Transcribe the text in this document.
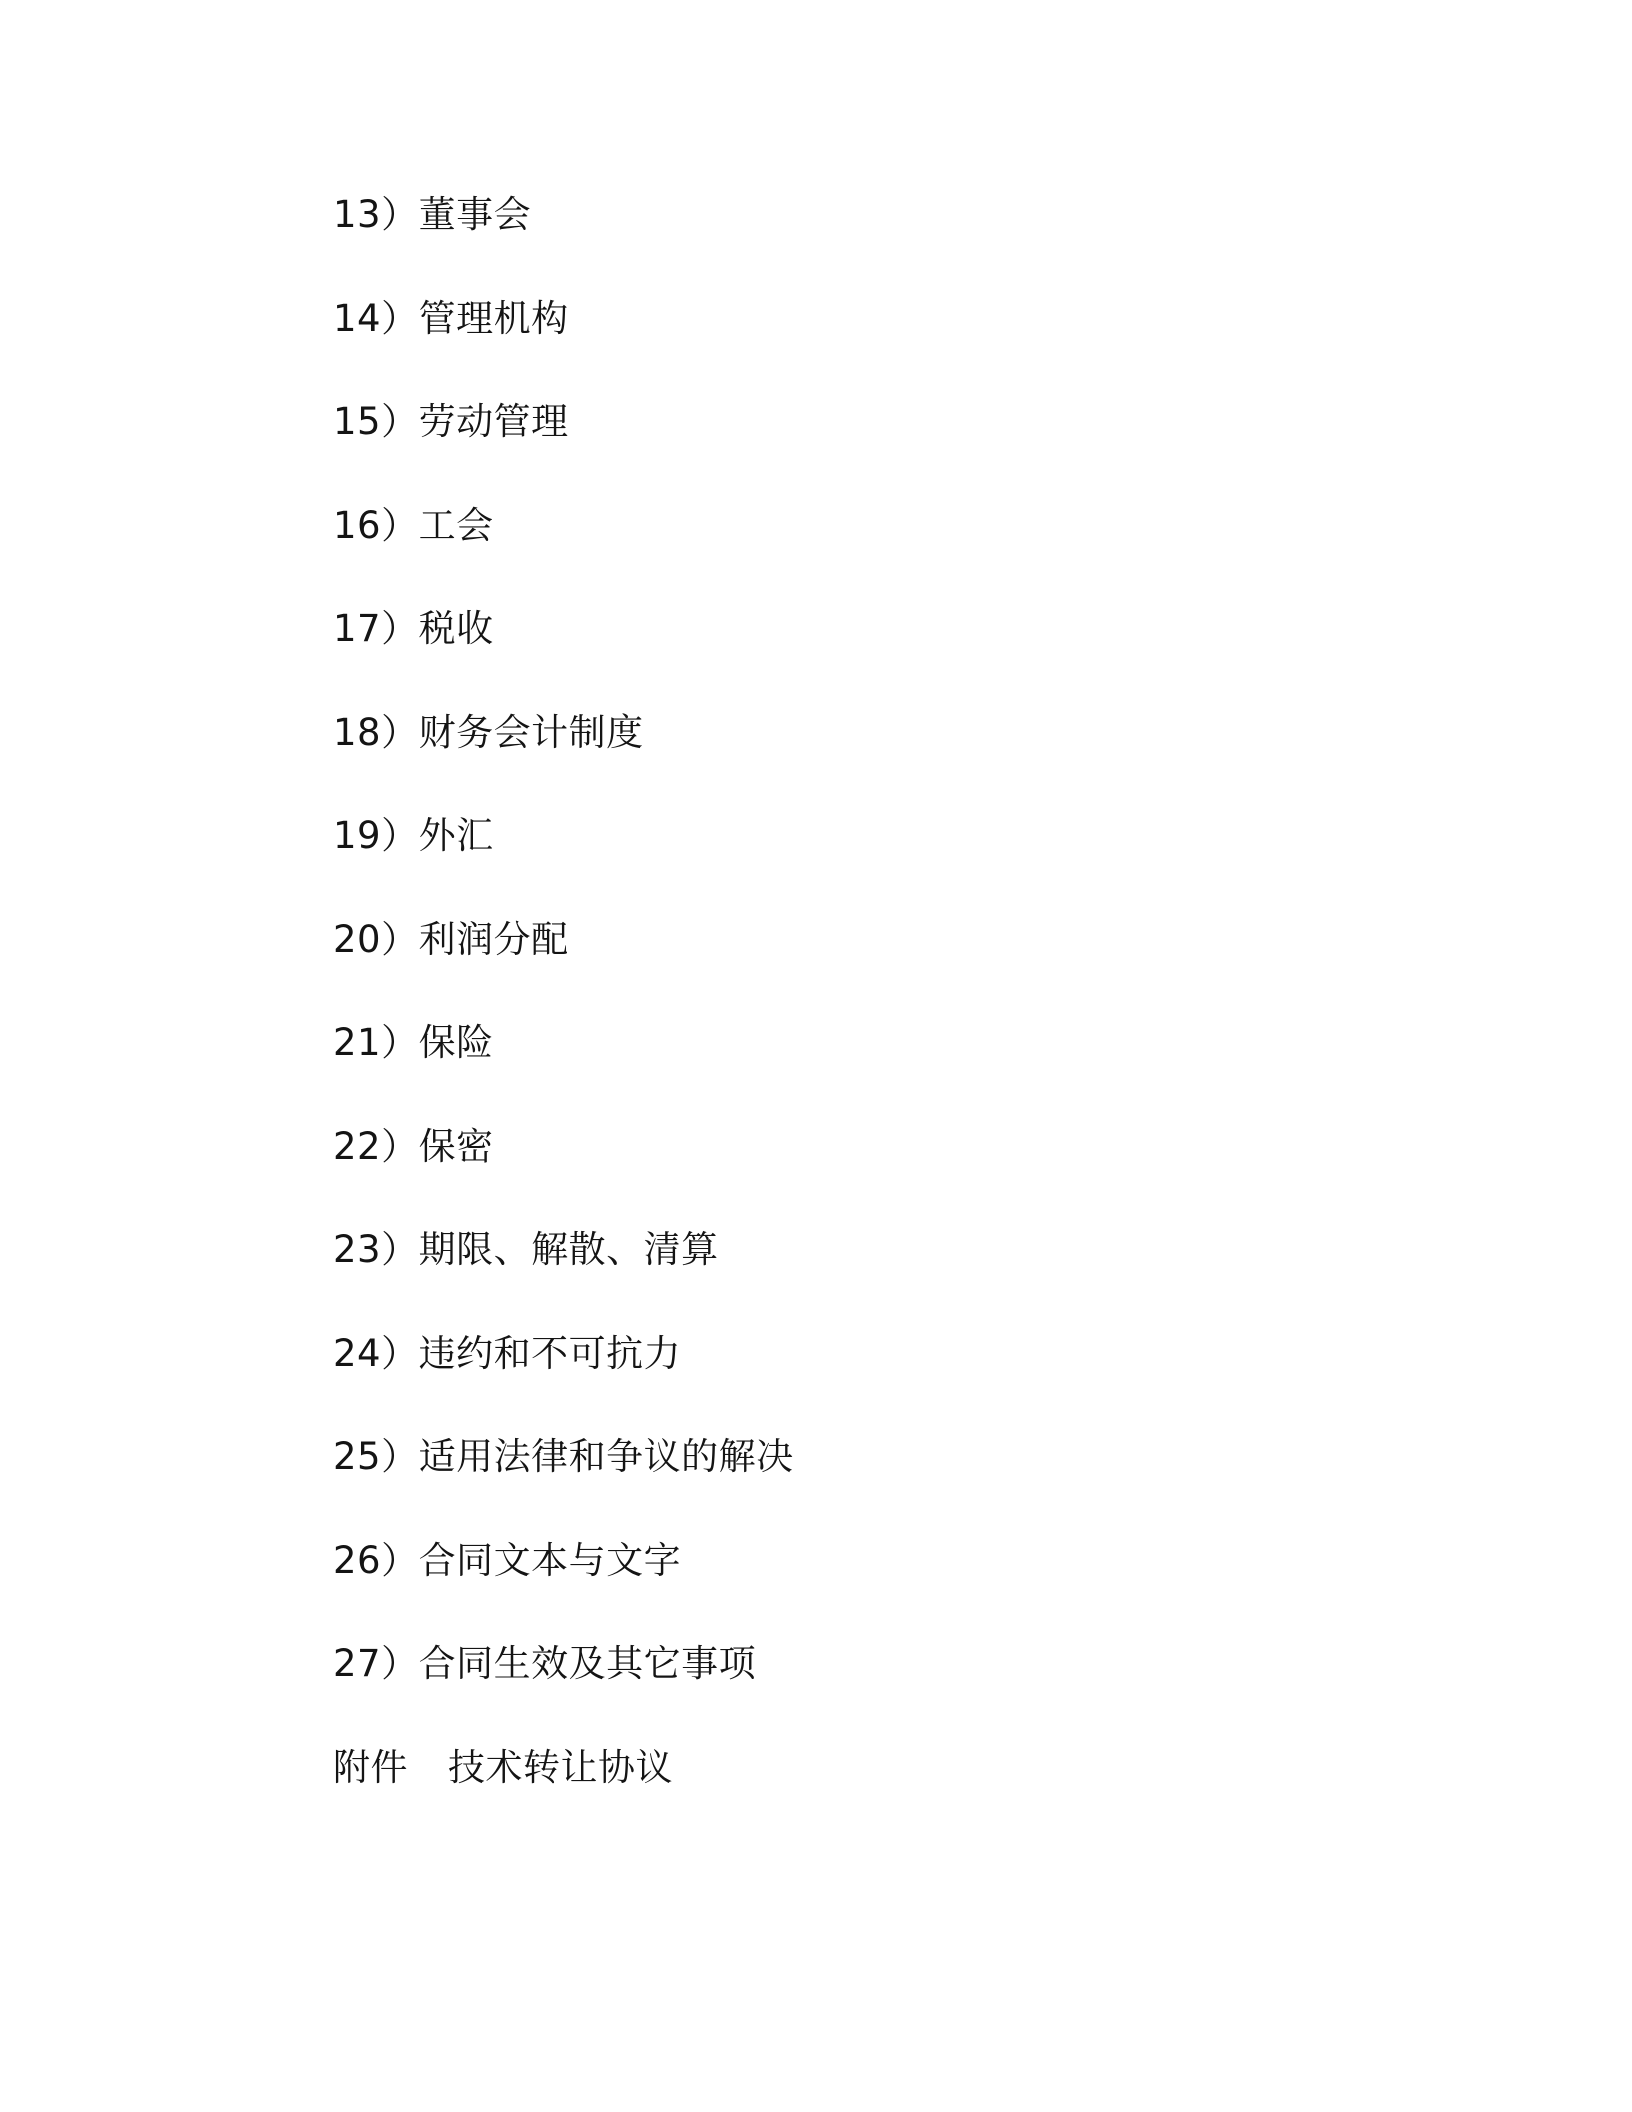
13）董事会
14）管理机构
15）劳动管理
16）工会
17）税收
18）财务会计制度
19）外汇
20）利润分配
21）保险
22）保密
23）期限、解散、清算
24）违约和不可抗力
25）适用法律和争议的解决
26）合同文本与文字
27）合同生效及其它事项
附件 技术转让协议
